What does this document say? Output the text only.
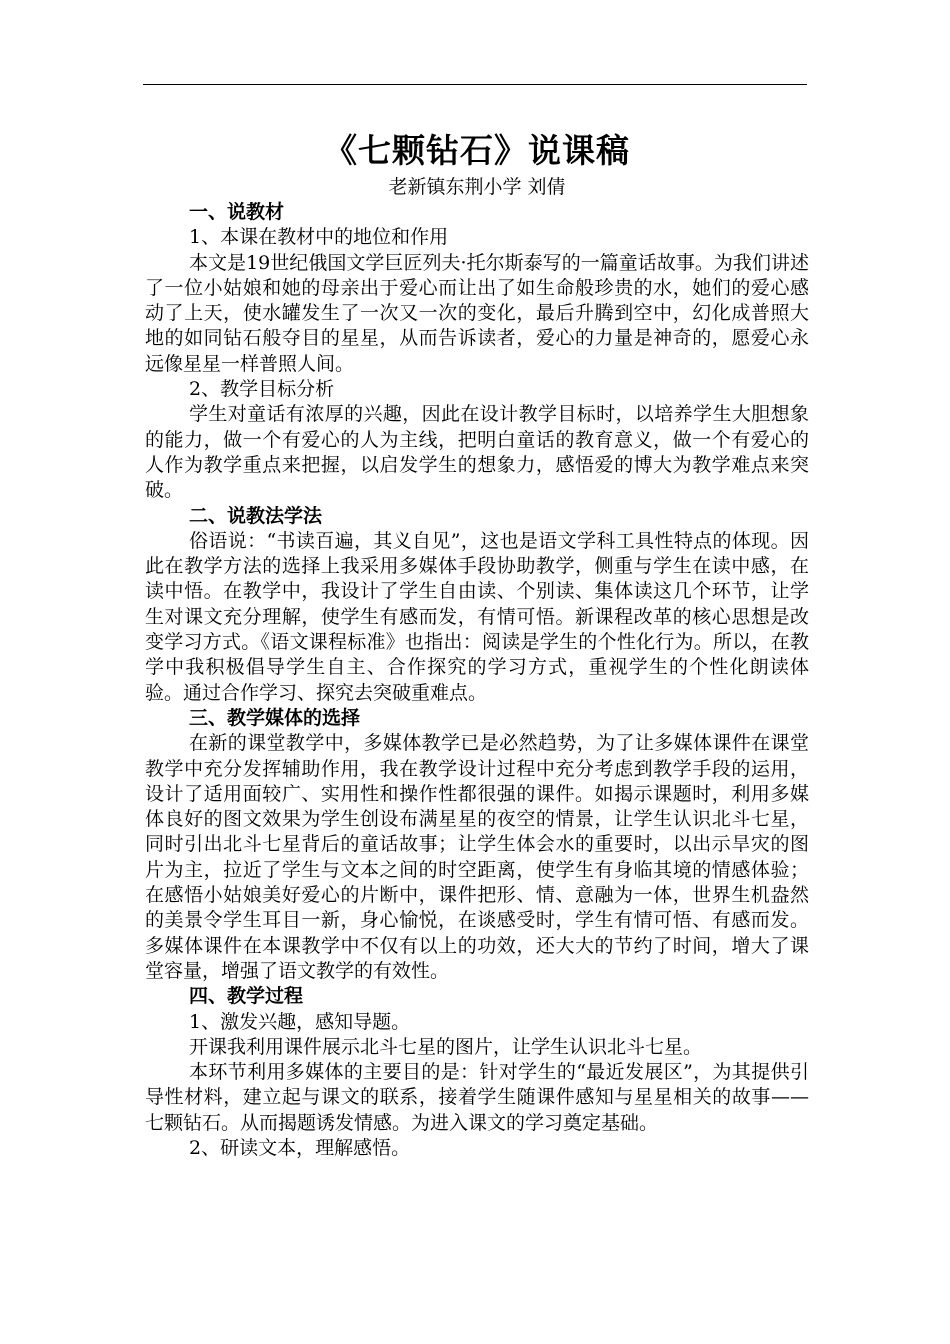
《七颗钻石》说课稿

老新镇东荆小学 刘倩

一、说教材

1、本课在教材中的地位和作用

本文是19世纪俄国文学巨匠列夫·托尔斯泰写的一篇童话故事。为我们讲述了一位小姑娘和她的母亲出于爱心而让出了如生命般珍贵的水，她们的爱心感动了上天，使水罐发生了一次又一次的变化，最后升腾到空中，幻化成普照大地的如同钻石般夺目的星星，从而告诉读者，爱心的力量是神奇的，愿爱心永远像星星一样普照人间。

2、教学目标分析

学生对童话有浓厚的兴趣，因此在设计教学目标时，以培养学生大胆想象的能力，做一个有爱心的人为主线，把明白童话的教育意义，做一个有爱心的人作为教学重点来把握，以启发学生的想象力，感悟爱的博大为教学难点来突破。

二、说教法学法

俗语说：“书读百遍，其义自见”，这也是语文学科工具性特点的体现。因此在教学方法的选择上我采用多媒体手段协助教学，侧重与学生在读中感，在读中悟。在教学中，我设计了学生自由读、个别读、集体读这几个环节，让学生对课文充分理解，使学生有感而发，有情可悟。新课程改革的核心思想是改变学习方式。《语文课程标准》也指出：阅读是学生的个性化行为。所以，在教学中我积极倡导学生自主、合作探究的学习方式，重视学生的个性化朗读体验。通过合作学习、探究去突破重难点。

三、教学媒体的选择

在新的课堂教学中，多媒体教学已是必然趋势，为了让多媒体课件在课堂教学中充分发挥辅助作用，我在教学设计过程中充分考虑到教学手段的运用，设计了适用面较广、实用性和操作性都很强的课件。如揭示课题时，利用多媒体良好的图文效果为学生创设布满星星的夜空的情景，让学生认识北斗七星，同时引出北斗七星背后的童话故事；让学生体会水的重要时，以出示旱灾的图片为主，拉近了学生与文本之间的时空距离，使学生有身临其境的情感体验；在感悟小姑娘美好爱心的片断中，课件把形、情、意融为一体，世界生机盎然的美景令学生耳目一新，身心愉悦，在谈感受时，学生有情可悟、有感而发。多媒体课件在本课教学中不仅有以上的功效，还大大的节约了时间，增大了课堂容量，增强了语文教学的有效性。

四、教学过程

1、激发兴趣，感知导题。

开课我利用课件展示北斗七星的图片，让学生认识北斗七星。

本环节利用多媒体的主要目的是：针对学生的“最近发展区”，为其提供引导性材料，建立起与课文的联系，接着学生随课件感知与星星相关的故事——七颗钻石。从而揭题诱发情感。为进入课文的学习奠定基础。

2、研读文本，理解感悟。
